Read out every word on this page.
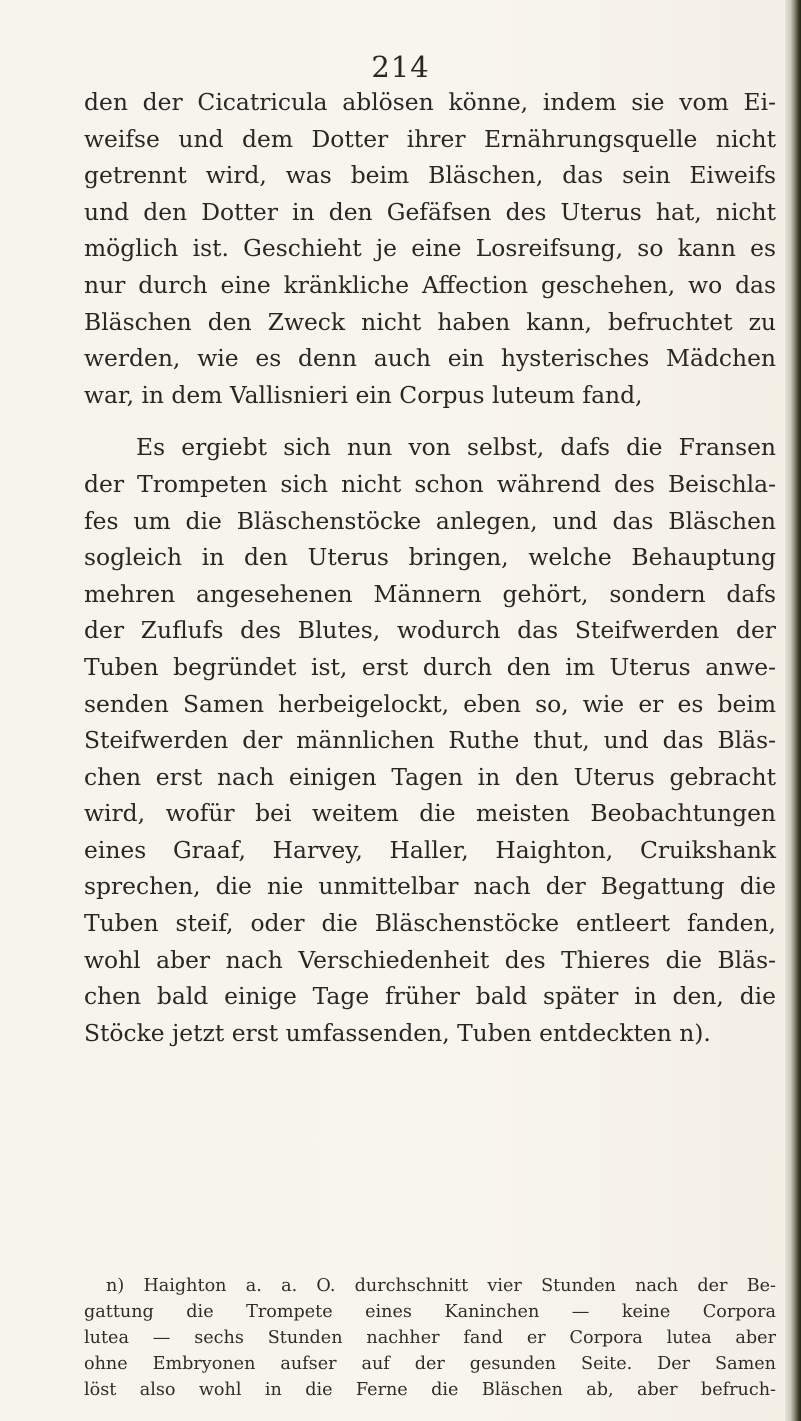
214
den der Cicatricula ablösen könne, indem sie vom Ei-
weifse und dem Dotter ihrer Ernährungsquelle nicht
getrennt wird, was beim Bläschen, das sein Eiweifs
und den Dotter in den Gefäfsen des Uterus hat, nicht
möglich ist. Geschieht je eine Losreifsung, so kann es
nur durch eine kränkliche Affection geschehen, wo das
Bläschen den Zweck nicht haben kann, befruchtet zu
werden, wie es denn auch ein hysterisches Mädchen
war, in dem Vallisnieri ein Corpus luteum fand,
Es ergiebt sich nun von selbst, dafs die Fransen
der Trompeten sich nicht schon während des Beischla-
fes um die Bläschenstöcke anlegen, und das Bläschen
sogleich in den Uterus bringen, welche Behauptung
mehren angesehenen Männern gehört, sondern dafs
der Zuflufs des Blutes, wodurch das Steifwerden der
Tuben begründet ist, erst durch den im Uterus anwe-
senden Samen herbeigelockt, eben so, wie er es beim
Steifwerden der männlichen Ruthe thut, und das Bläs-
chen erst nach einigen Tagen in den Uterus gebracht
wird, wofür bei weitem die meisten Beobachtungen
eines Graaf, Harvey, Haller, Haighton, Cruikshank
sprechen, die nie unmittelbar nach der Begattung die
Tuben steif, oder die Bläschenstöcke entleert fanden,
wohl aber nach Verschiedenheit des Thieres die Bläs-
chen bald einige Tage früher bald später in den, die
Stöcke jetzt erst umfassenden, Tuben entdeckten n).
n) Haighton a. a. O. durchschnitt vier Stunden nach der Be-
gattung die Trompete eines Kaninchen — keine Corpora
lutea — sechs Stunden nachher fand er Corpora lutea aber
ohne Embryonen aufser auf der gesunden Seite. Der Samen
löst also wohl in die Ferne die Bläschen ab, aber befruch-
